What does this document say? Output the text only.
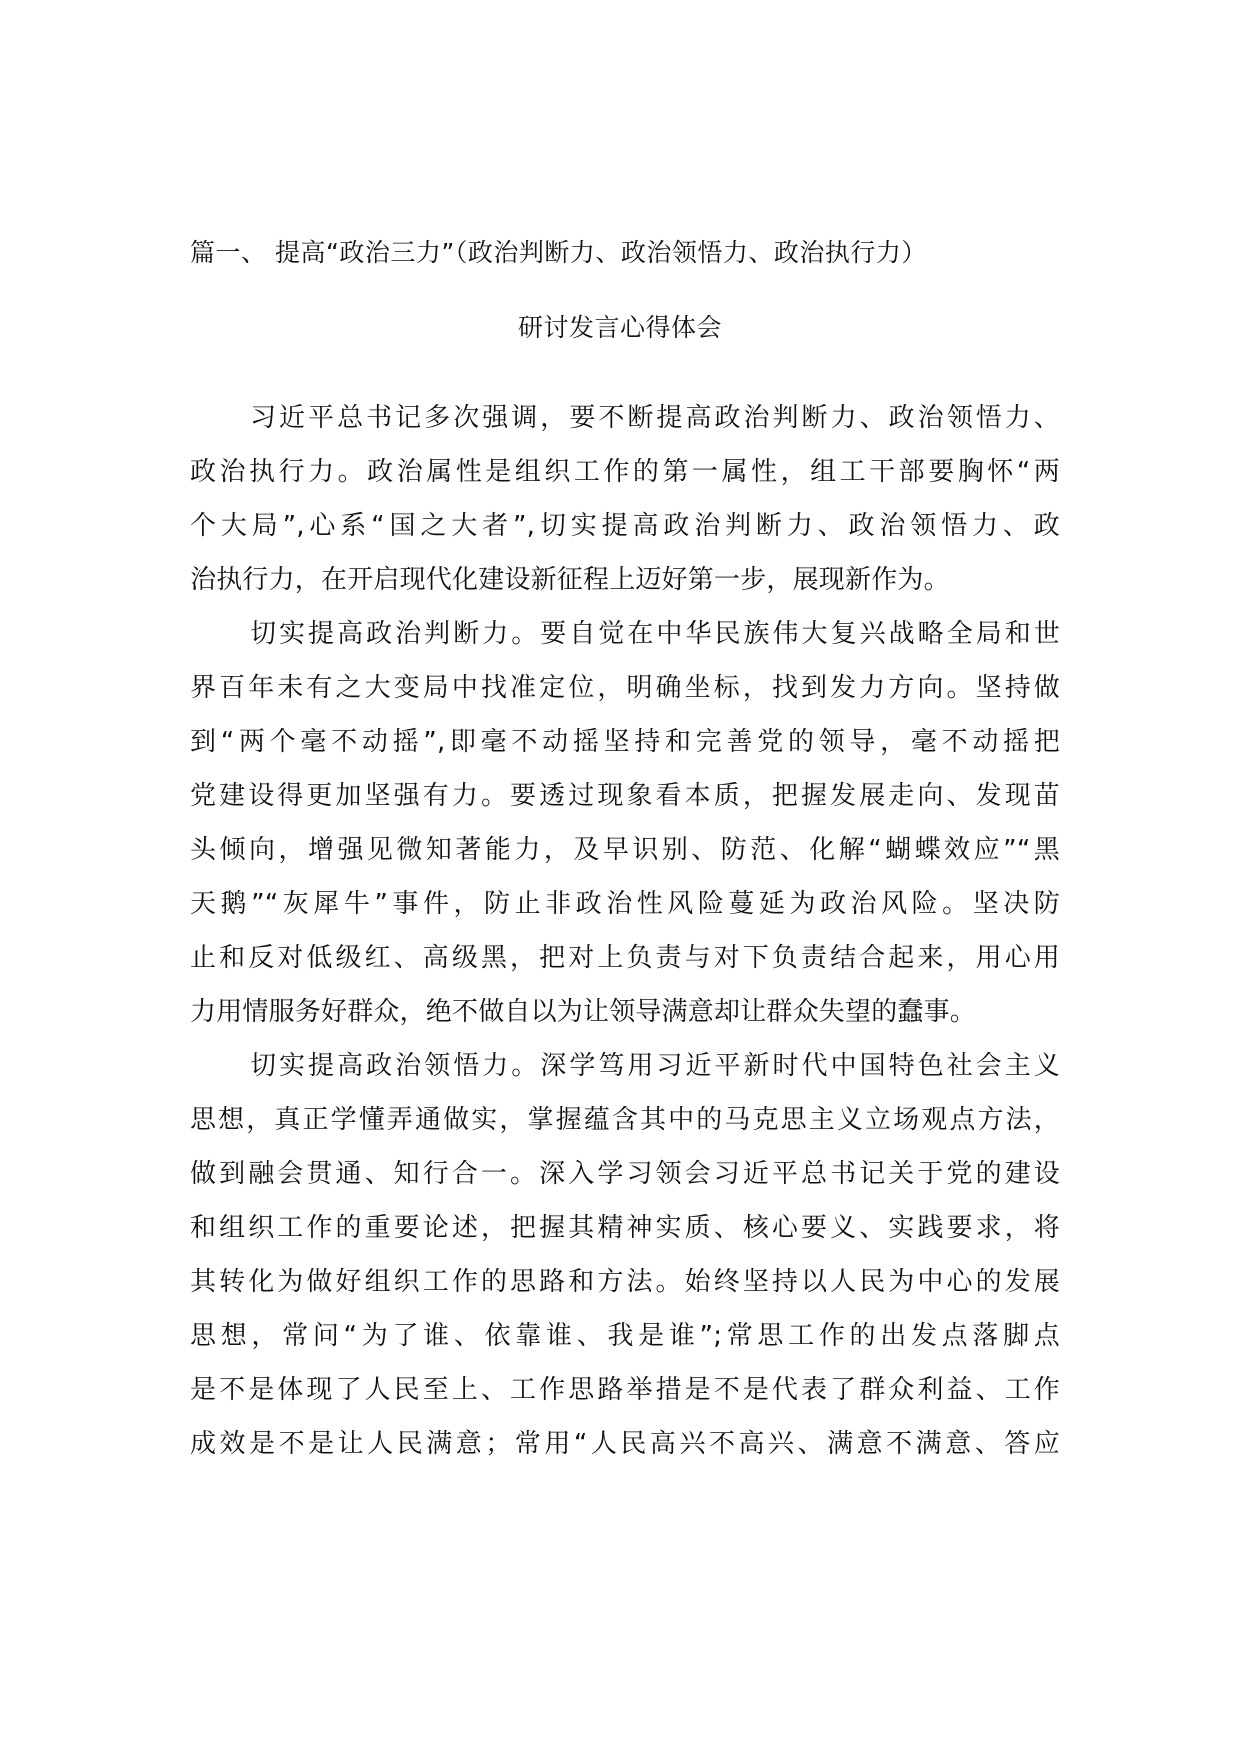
篇一、 提高“政治三力”（政治判断力、政治领悟力、政治执行力）
研讨发言心得体会
习近平总书记多次强调，要不断提高政治判断力、政治领悟力、
政治执行力。政治属性是组织工作的第一属性，组工干部要胸怀“两
个大局”,心系“国之大者”,切实提高政治判断力、政治领悟力、政
治执行力，在开启现代化建设新征程上迈好第一步，展现新作为。
切实提高政治判断力。要自觉在中华民族伟大复兴战略全局和世
界百年未有之大变局中找准定位，明确坐标，找到发力方向。坚持做
到“两个毫不动摇”,即毫不动摇坚持和完善党的领导，毫不动摇把
党建设得更加坚强有力。要透过现象看本质，把握发展走向、发现苗
头倾向，增强见微知著能力，及早识别、防范、化解“蝴蝶效应”“黑
天鹅”“灰犀牛”事件，防止非政治性风险蔓延为政治风险。坚决防
止和反对低级红、高级黑，把对上负责与对下负责结合起来，用心用
力用情服务好群众，绝不做自以为让领导满意却让群众失望的蠢事。
切实提高政治领悟力。深学笃用习近平新时代中国特色社会主义
思想，真正学懂弄通做实，掌握蕴含其中的马克思主义立场观点方法，
做到融会贯通、知行合一。深入学习领会习近平总书记关于党的建设
和组织工作的重要论述，把握其精神实质、核心要义、实践要求，将
其转化为做好组织工作的思路和方法。始终坚持以人民为中心的发展
思想，常问“为了谁、依靠谁、我是谁”;常思工作的出发点落脚点
是不是体现了人民至上、工作思路举措是不是代表了群众利益、工作
成效是不是让人民满意；常用“人民高兴不高兴、满意不满意、答应
